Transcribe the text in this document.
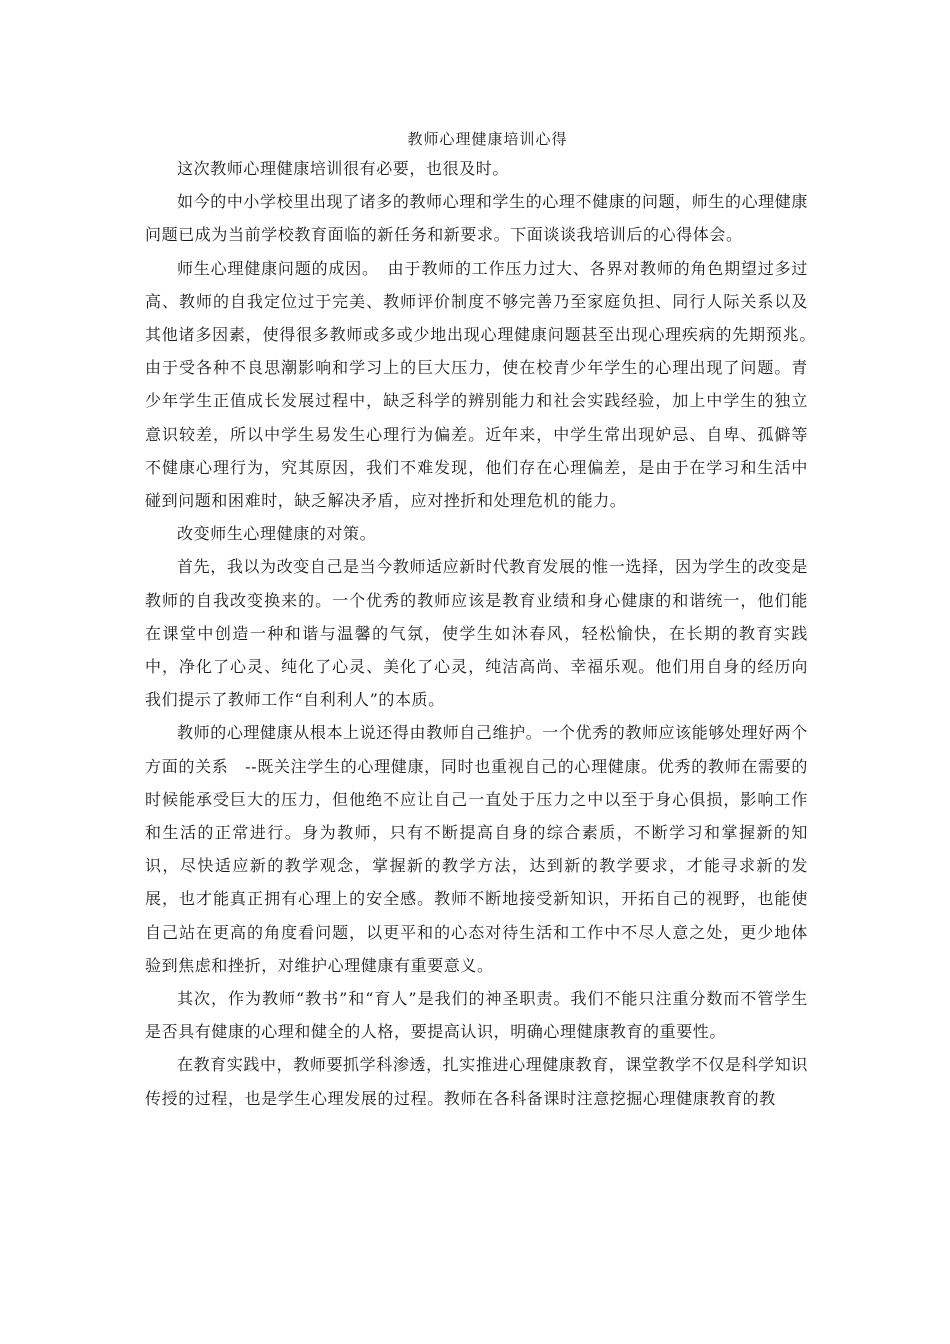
教师心理健康培训心得

这次教师心理健康培训很有必要，也很及时。

如今的中小学校里出现了诸多的教师心理和学生的心理不健康的问题，师生的心理健康问题已成为当前学校教育面临的新任务和新要求。下面谈谈我培训后的心得体会。

师生心理健康问题的成因。　由于教师的工作压力过大、各界对教师的角色期望过多过高、教师的自我定位过于完美、教师评价制度不够完善乃至家庭负担、同行人际关系以及其他诸多因素，使得很多教师或多或少地出现心理健康问题甚至出现心理疾病的先期预兆。　由于受各种不良思潮影响和学习上的巨大压力，使在校青少年学生的心理出现了问题。青少年学生正值成长发展过程中，缺乏科学的辨别能力和社会实践经验，加上中学生的独立意识较差，所以中学生易发生心理行为偏差。近年来，中学生常出现妒忌、自卑、孤僻等不健康心理行为，究其原因，我们不难发现，他们存在心理偏差，是由于在学习和生活中碰到问题和困难时，缺乏解决矛盾，应对挫折和处理危机的能力。

改变师生心理健康的对策。

首先，我以为改变自己是当今教师适应新时代教育发展的惟一选择，因为学生的改变是教师的自我改变换来的。一个优秀的教师应该是教育业绩和身心健康的和谐统一，他们能在课堂中创造一种和谐与温馨的气氛，使学生如沐春风，轻松愉快，在长期的教育实践中，净化了心灵、纯化了心灵、美化了心灵，纯洁高尚、幸福乐观。他们用自身的经历向我们提示了教师工作“自利利人”的本质。

教师的心理健康从根本上说还得由教师自己维护。一个优秀的教师应该能够处理好两个方面的关系　--既关注学生的心理健康，同时也重视自己的心理健康。优秀的教师在需要的时候能承受巨大的压力，但他绝不应让自己一直处于压力之中以至于身心俱损，影响工作和生活的正常进行。身为教师，只有不断提高自身的综合素质，不断学习和掌握新的知识，尽快适应新的教学观念，掌握新的教学方法，达到新的教学要求，才能寻求新的发展，也才能真正拥有心理上的安全感。教师不断地接受新知识，开拓自己的视野，也能使自己站在更高的角度看问题，以更平和的心态对待生活和工作中不尽人意之处，更少地体验到焦虑和挫折，对维护心理健康有重要意义。

其次，作为教师“教书”和“育人”是我们的神圣职责。我们不能只注重分数而不管学生是否具有健康的心理和健全的人格，要提高认识，明确心理健康教育的重要性。

在教育实践中，教师要抓学科渗透，扎实推进心理健康教育，课堂教学不仅是科学知识传授的过程，也是学生心理发展的过程。教师在各科备课时注意挖掘心理健康教育的教
